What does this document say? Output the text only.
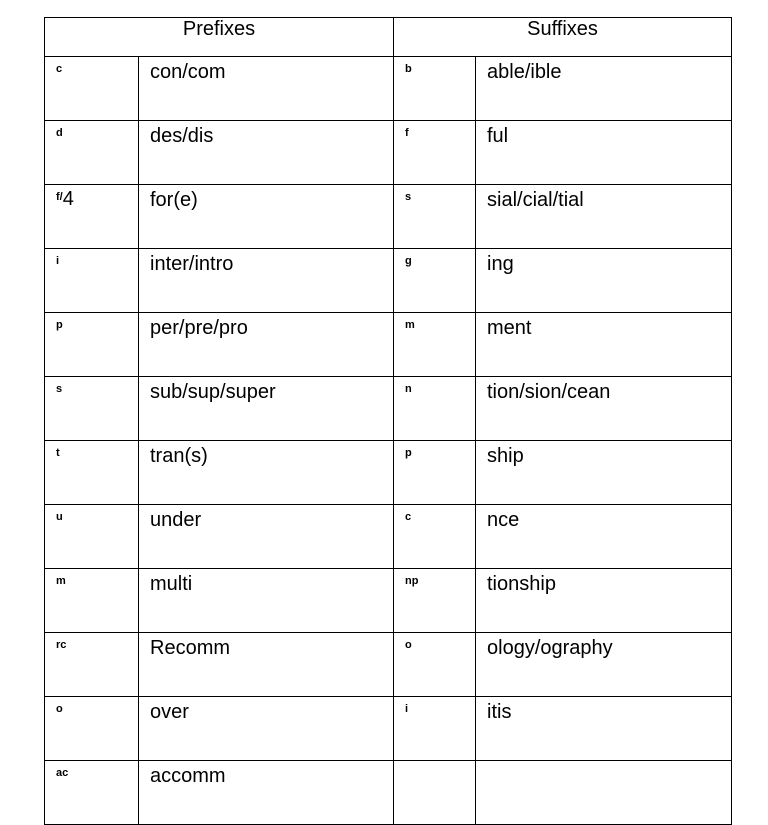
Prefixes		Suffixes	
c	con/com	b	able/ible
d	des/dis	f	ful
f/4	for(e)	s	sial/cial/tial
i	inter/intro	g	ing
p	per/pre/pro	m	ment
s	sub/sup/super	n	tion/sion/cean
t	tran(s)	p	ship
u	under	c	nce
m	multi	np	tionship
rc	Recomm	o	ology/ography
o	over	i	itis
ac	accomm		
